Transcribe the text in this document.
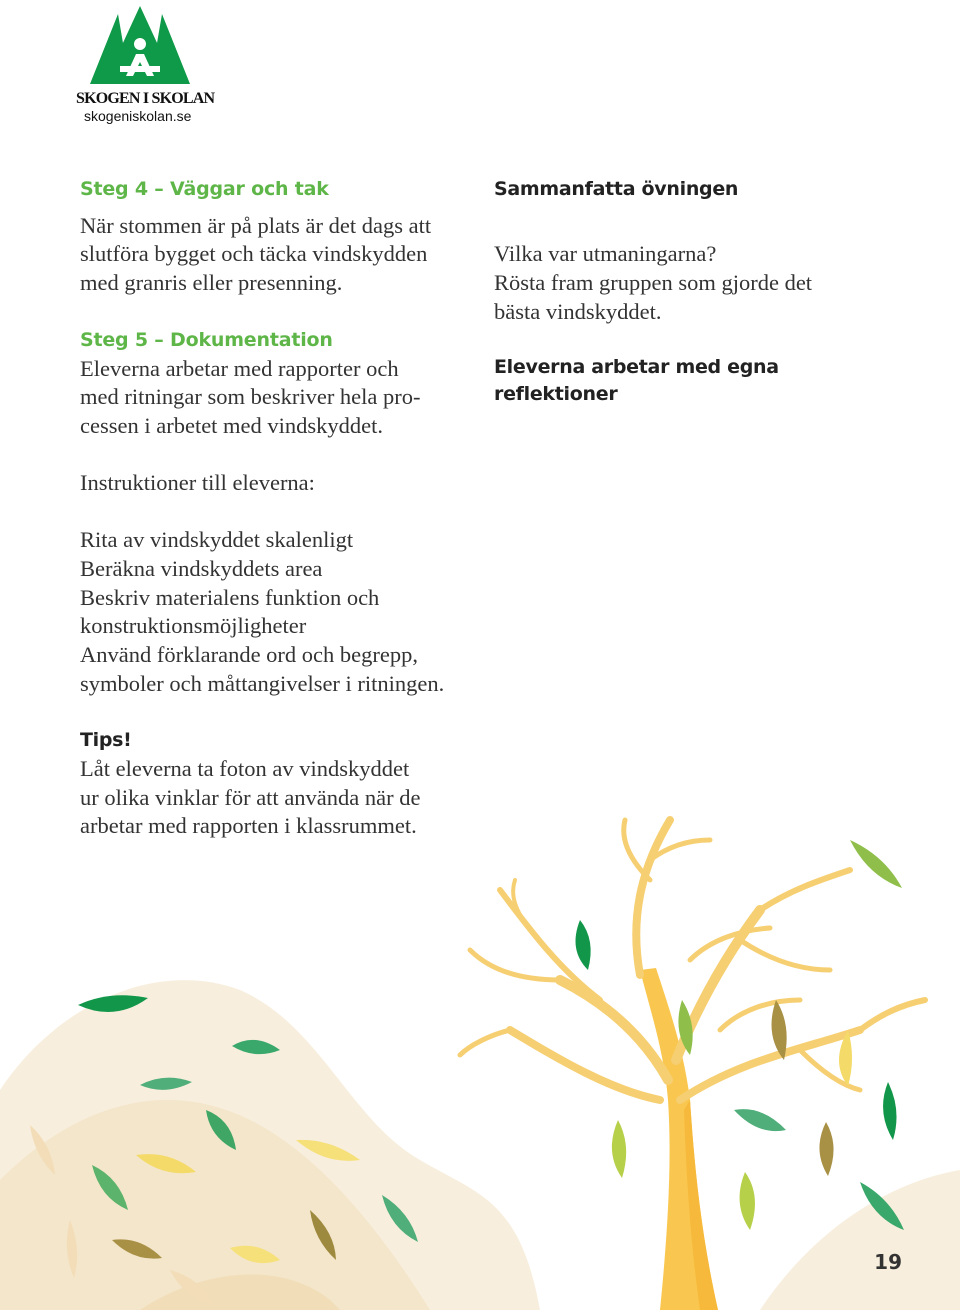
SKOGEN I SKOLAN
skogeniskolan.se
Steg 4 – Väggar och tak
När stommen är på plats är det dags att
slutföra bygget och täcka vindskydden
med granris eller presenning.
Steg 5 – Dokumentation
Eleverna arbetar med rapporter och
med ritningar som beskriver hela pro-
cessen i arbetet med vindskyddet.
Sammanfatta övningen
Vilka var utmaningarna?
Rösta fram gruppen som gjorde det
bästa vindskyddet.
Eleverna arbetar med egna
reflektioner
Instruktioner till eleverna:
Rita av vindskyddet skalenligt
Beräkna vindskyddets area
Beskriv materialens funktion och
konstruktionsmöjligheter
Använd förklarande ord och begrepp,
symboler och måttangivelser i ritningen.
Tips!
Låt eleverna ta foton av vindskyddet
ur olika vinklar för att använda när de
arbetar med rapporten i klassrummet.
19
